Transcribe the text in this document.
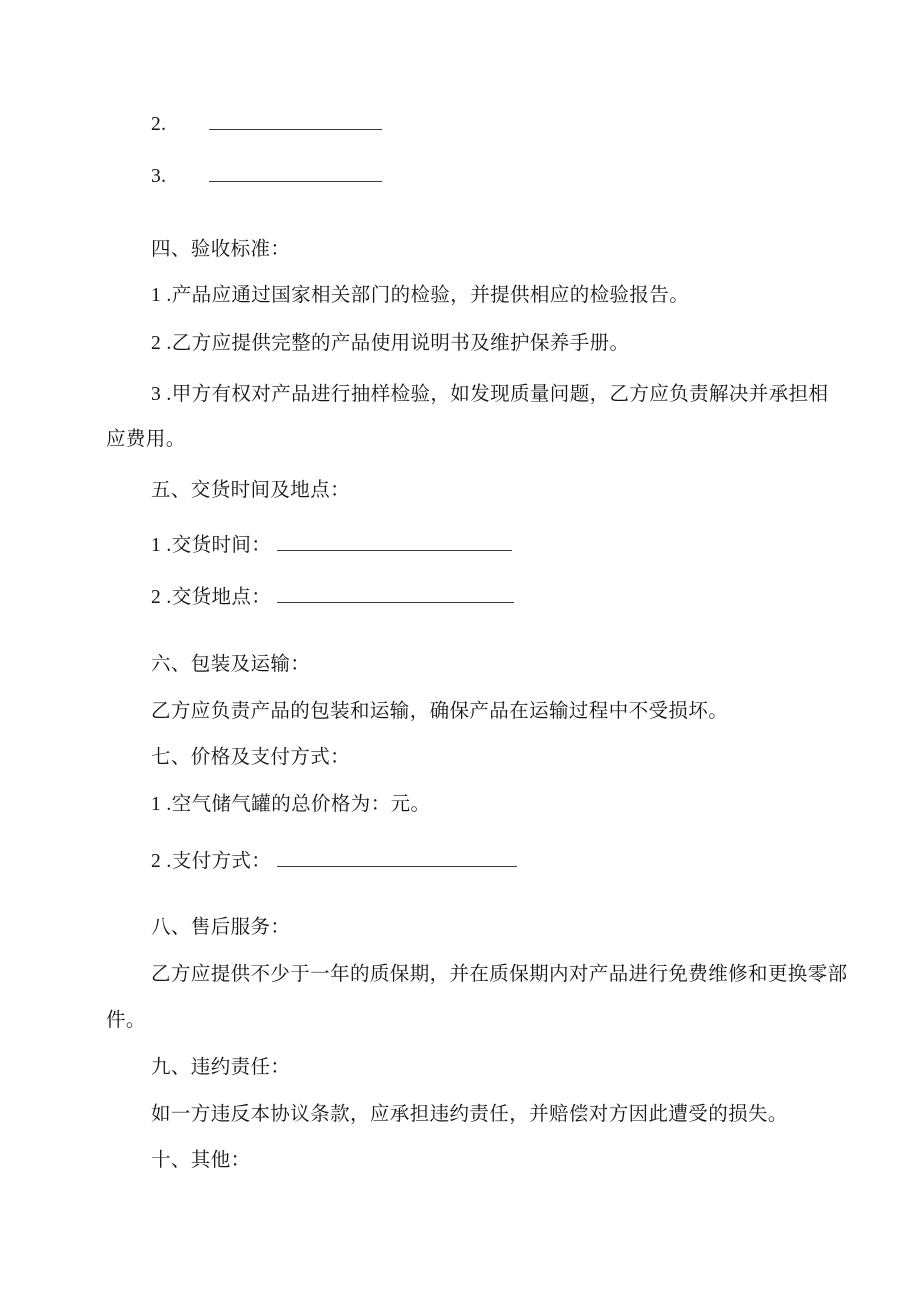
2.
3.
四、验收标准：
1 .产品应通过国家相关部门的检验，并提供相应的检验报告。
2 .乙方应提供完整的产品使用说明书及维护保养手册。
3 .甲方有权对产品进行抽样检验，如发现质量问题，乙方应负责解决并承担相
应费用。
五、交货时间及地点：
1 .交货时间：
2 .交货地点：
六、包装及运输：
乙方应负责产品的包装和运输，确保产品在运输过程中不受损坏。
七、价格及支付方式：
1 .空气储气罐的总价格为：元。
2 .支付方式：
八、售后服务：
乙方应提供不少于一年的质保期，并在质保期内对产品进行免费维修和更换零部
件。
九、违约责任：
如一方违反本协议条款，应承担违约责任，并赔偿对方因此遭受的损失。
十、其他：
